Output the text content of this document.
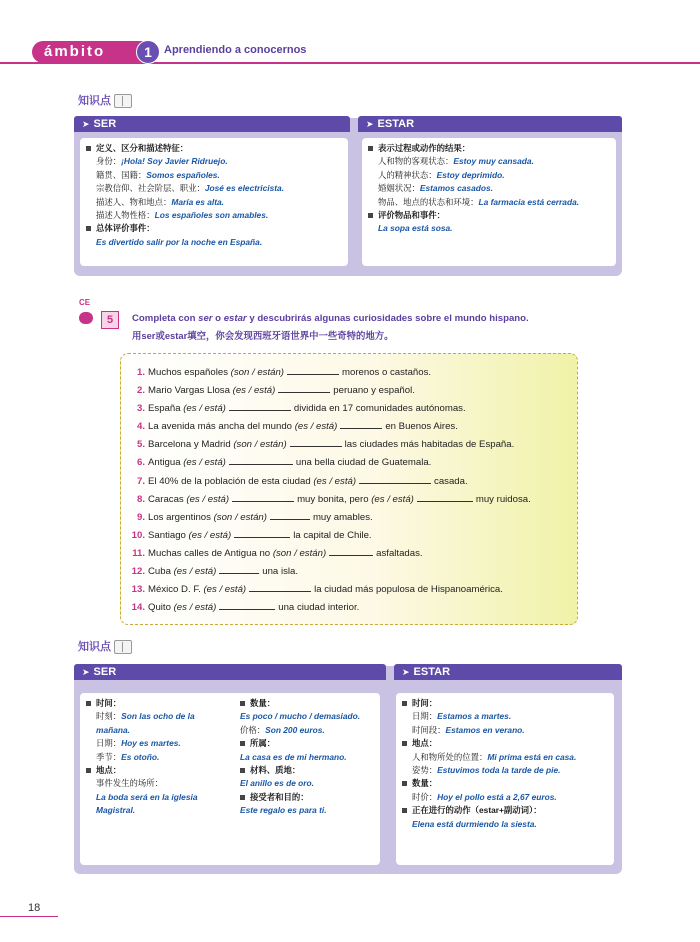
ámbito	1	Aprendiendo a conocernos
知识点
➤ SER	➤ ESTAR
定义、区分和描述特征：
身份：¡Hola! Soy Javier Ridruejo.
籍贯、国籍：Somos españoles.
宗教信仰、社会阶层、职业：José es electricista.
描述人、物和地点：María es alta.
描述人物性格：Los españoles son amables.
总体评价事件：
Es divertido salir por la noche en España.
表示过程或动作的结果：
人和物的客观状态：Estoy muy cansada.
人的精神状态：Estoy deprimido.
婚姻状况：Estamos casados.
物品、地点的状态和环境：La farmacia está cerrada.
评价物品和事件：
La sopa está sosa.
CE
5	Completa con ser o estar y descubrirás algunas curiosidades sobre el mundo hispano.
用ser或estar填空，你会发现西班牙语世界中一些奇特的地方。
1. Muchos españoles (son / están)	morenos o castaños.
2. Mario Vargas Llosa (es / está)	peruano y español.
3. España (es / está)	dividida en 17 comunidades autónomas.
4. La avenida más ancha del mundo (es / está)	en Buenos Aires.
5. Barcelona y Madrid (son / están)	las ciudades más habitadas de España.
6. Antigua (es / está)	una bella ciudad de Guatemala.
7. El 40% de la población de esta ciudad (es / está)	casada.
8. Caracas (es / está)	muy bonita, pero (es / está)	muy ruidosa.
9. Los argentinos (son / están)	muy amables.
10. Santiago (es / está)	la capital de Chile.
11. Muchas calles de Antigua no (son / están)	asfaltadas.
12. Cuba (es / está)	una isla.
13. México D. F. (es / está)	la ciudad más populosa de Hispanoamérica.
14. Quito (es / está)	una ciudad interior.
知识点
➤ SER	➤ ESTAR
时间：
时刻：Son las ocho de la mañana.
日期：Hoy es martes.
季节：Es otoño.
地点：
事件发生的场所：
La boda será en la iglesia Magistral.
数量：
Es poco / mucho / demasiado.
价格：Son 200 euros.
所属：
La casa es de mi hermano.
材料、质地：
El anillo es de oro.
接受者和目的：
Este regalo es para ti.
时间：
日期：Estamos a martes.
时间段：Estamos en verano.
地点：
人和物所处的位置：Mi prima está en casa.
姿势：Estuvimos toda la tarde de pie.
数量：
时价：Hoy el pollo está a 2,67 euros.
正在进行的动作（estar+副动词）：
Elena está durmiendo la siesta.
18
